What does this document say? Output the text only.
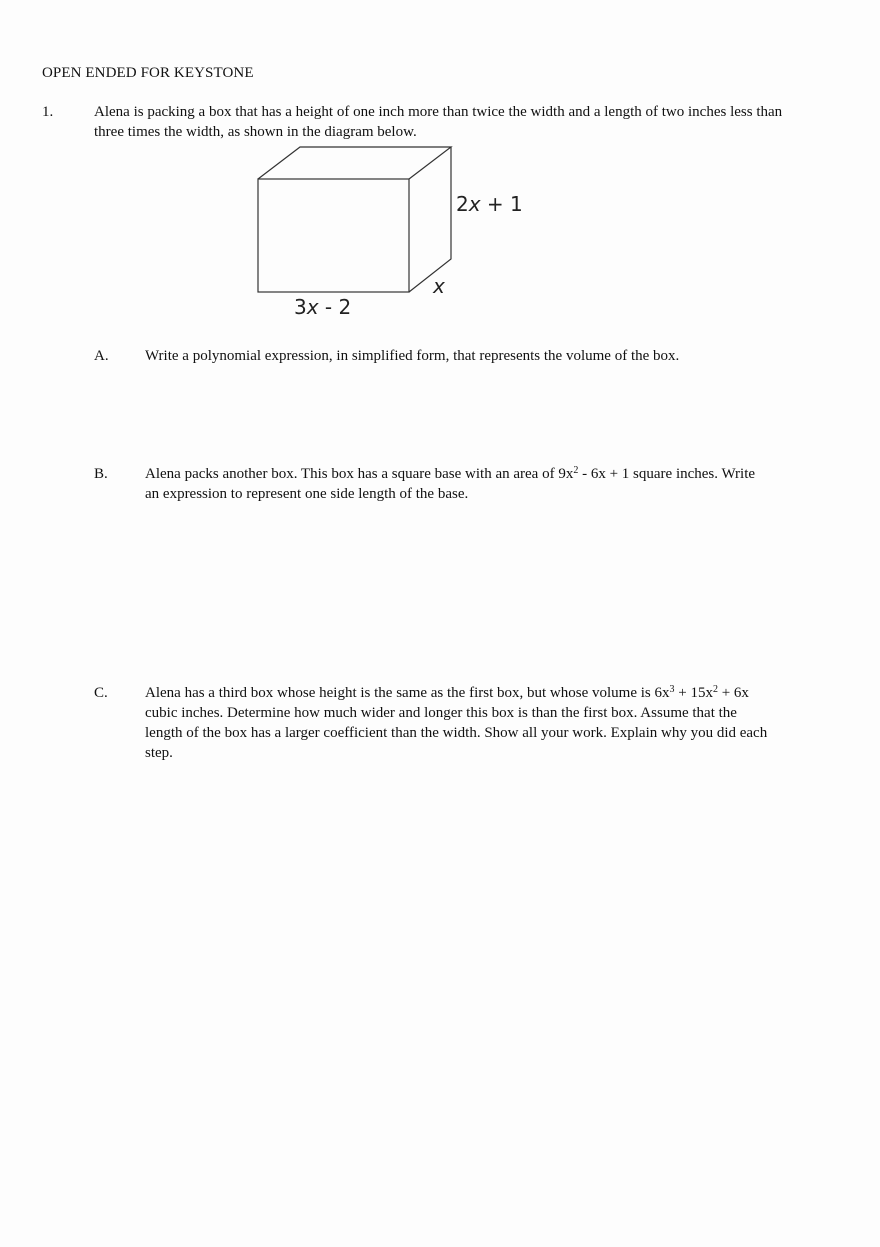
OPEN ENDED FOR KEYSTONE
1.	Alena is packing a box that has a height of one inch more than twice the width and a length of two inches less than three times the width, as shown in the diagram below.
2x + 1
x
3x - 2
A. Write a polynomial expression, in simplified form, that represents the volume of the box.
B. Alena packs another box. This box has a square base with an area of $9x^2 - 6x + 1$ square inches. Write an expression to represent one side length of the base.
C. Alena has a third box whose height is the same as the first box, but whose volume is $6x^3 + 15x^2 + 6x$ cubic inches. Determine how much wider and longer this box is than the first box. Assume that the length of the box has a larger coefficient than the width. Show all your work. Explain why you did each step.
